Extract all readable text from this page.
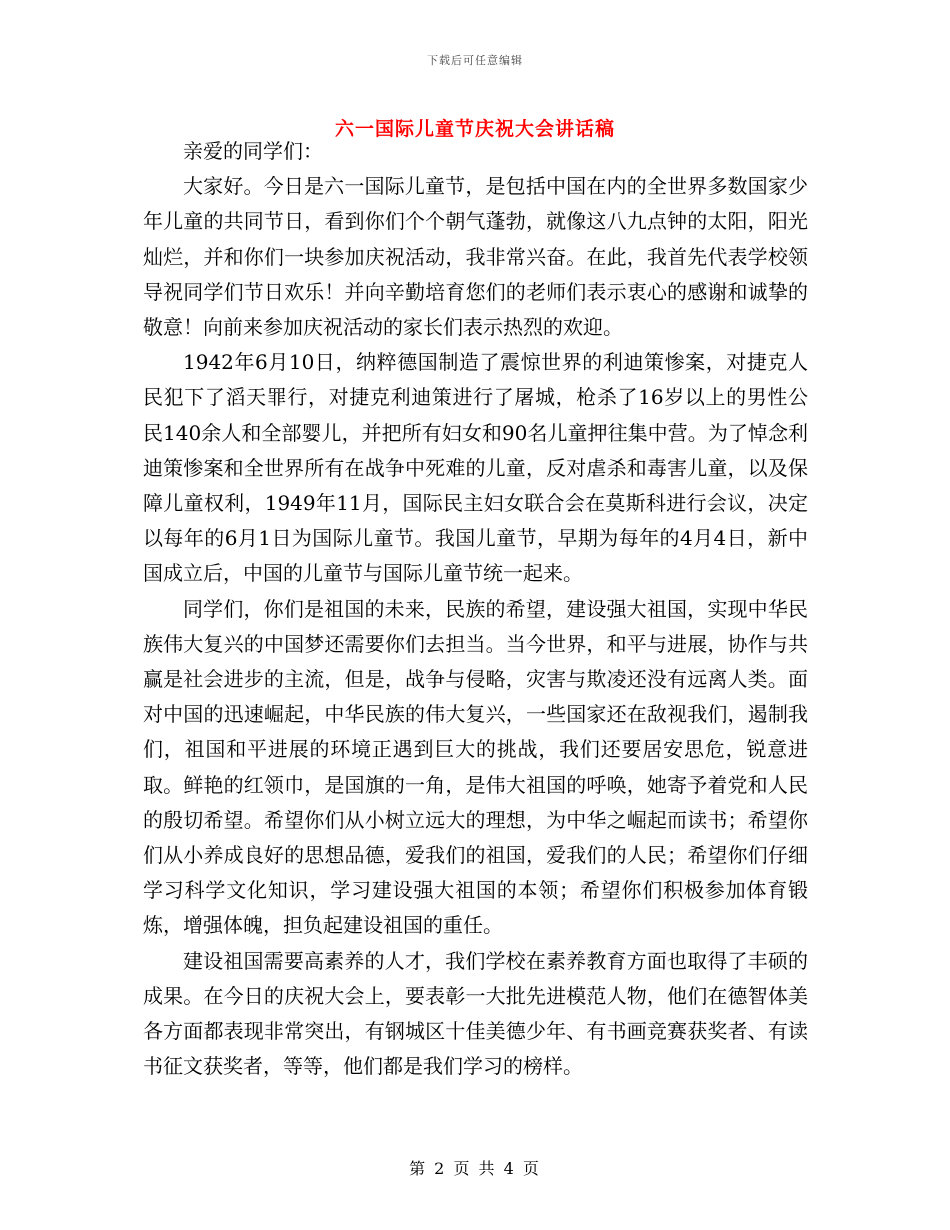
下载后可任意编辑
六一国际儿童节庆祝大会讲话稿

亲爱的同学们：

大家好。今日是六一国际儿童节，是包括中国在内的全世界多数国家少年儿童的共同节日，看到你们个个朝气蓬勃，就像这八九点钟的太阳，阳光灿烂，并和你们一块参加庆祝活动，我非常兴奋。在此，我首先代表学校领导祝同学们节日欢乐！并向辛勤培育您们的老师们表示衷心的感谢和诚挚的敬意！向前来参加庆祝活动的家长们表示热烈的欢迎。

1942年6月10日，纳粹德国制造了震惊世界的利迪策惨案，对捷克人民犯下了滔天罪行，对捷克利迪策进行了屠城，枪杀了16岁以上的男性公民140余人和全部婴儿，并把所有妇女和90名儿童押往集中营。为了悼念利迪策惨案和全世界所有在战争中死难的儿童，反对虐杀和毒害儿童，以及保障儿童权利，1949年11月，国际民主妇女联合会在莫斯科进行会议，决定以每年的6月1日为国际儿童节。我国儿童节，早期为每年的4月4日，新中国成立后，中国的儿童节与国际儿童节统一起来。

同学们，你们是祖国的未来，民族的希望，建设强大祖国，实现中华民族伟大复兴的中国梦还需要你们去担当。当今世界，和平与进展，协作与共赢是社会进步的主流，但是，战争与侵略，灾害与欺凌还没有远离人类。面对中国的迅速崛起，中华民族的伟大复兴，一些国家还在敌视我们，遏制我们，祖国和平进展的环境正遇到巨大的挑战，我们还要居安思危，锐意进取。鲜艳的红领巾，是国旗的一角，是伟大祖国的呼唤，她寄予着党和人民的殷切希望。希望你们从小树立远大的理想，为中华之崛起而读书；希望你们从小养成良好的思想品德，爱我们的祖国，爱我们的人民；希望你们仔细学习科学文化知识，学习建设强大祖国的本领；希望你们积极参加体育锻炼，增强体魄，担负起建设祖国的重任。

建设祖国需要高素养的人才，我们学校在素养教育方面也取得了丰硕的成果。在今日的庆祝大会上，要表彰一大批先进模范人物，他们在德智体美各方面都表现非常突出，有钢城区十佳美德少年、有书画竞赛获奖者、有读书征文获奖者，等等，他们都是我们学习的榜样。

第 2 页 共 4 页
